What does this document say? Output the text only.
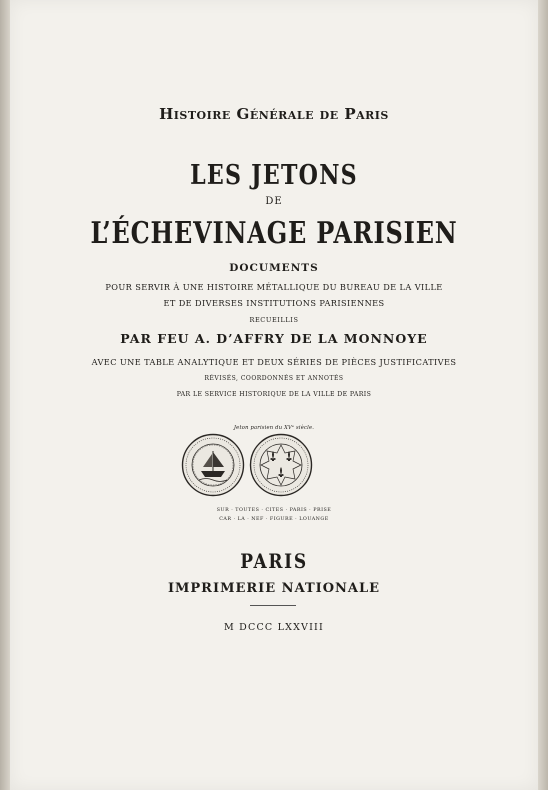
Histoire Générale de Paris
LES JETONS
DE
L’ÉCHEVINAGE PARISIEN
DOCUMENTS
POUR SERVIR À UNE HISTOIRE MÉTALLIQUE DU BUREAU DE LA VILLE
ET DE DIVERSES INSTITUTIONS PARISIENNES
RECUEILLIS
PAR FEU A. D’AFFRY DE LA MONNOYE
AVEC UNE TABLE ANALYTIQUE ET DEUX SÉRIES DE PIÈCES JUSTIFICATIVES
RÉVISÉS, COORDONNÉS ET ANNOTÉS
PAR LE SERVICE HISTORIQUE DE LA VILLE DE PARIS
Jeton parisien du XVᵉ siècle.
SUR · TOUTES · CITES · PARIS · PRISE
CAR · LA · NEF · FIGURE · LOUANGE
PARIS
IMPRIMERIE NATIONALE
M DCCC LXXVIII
